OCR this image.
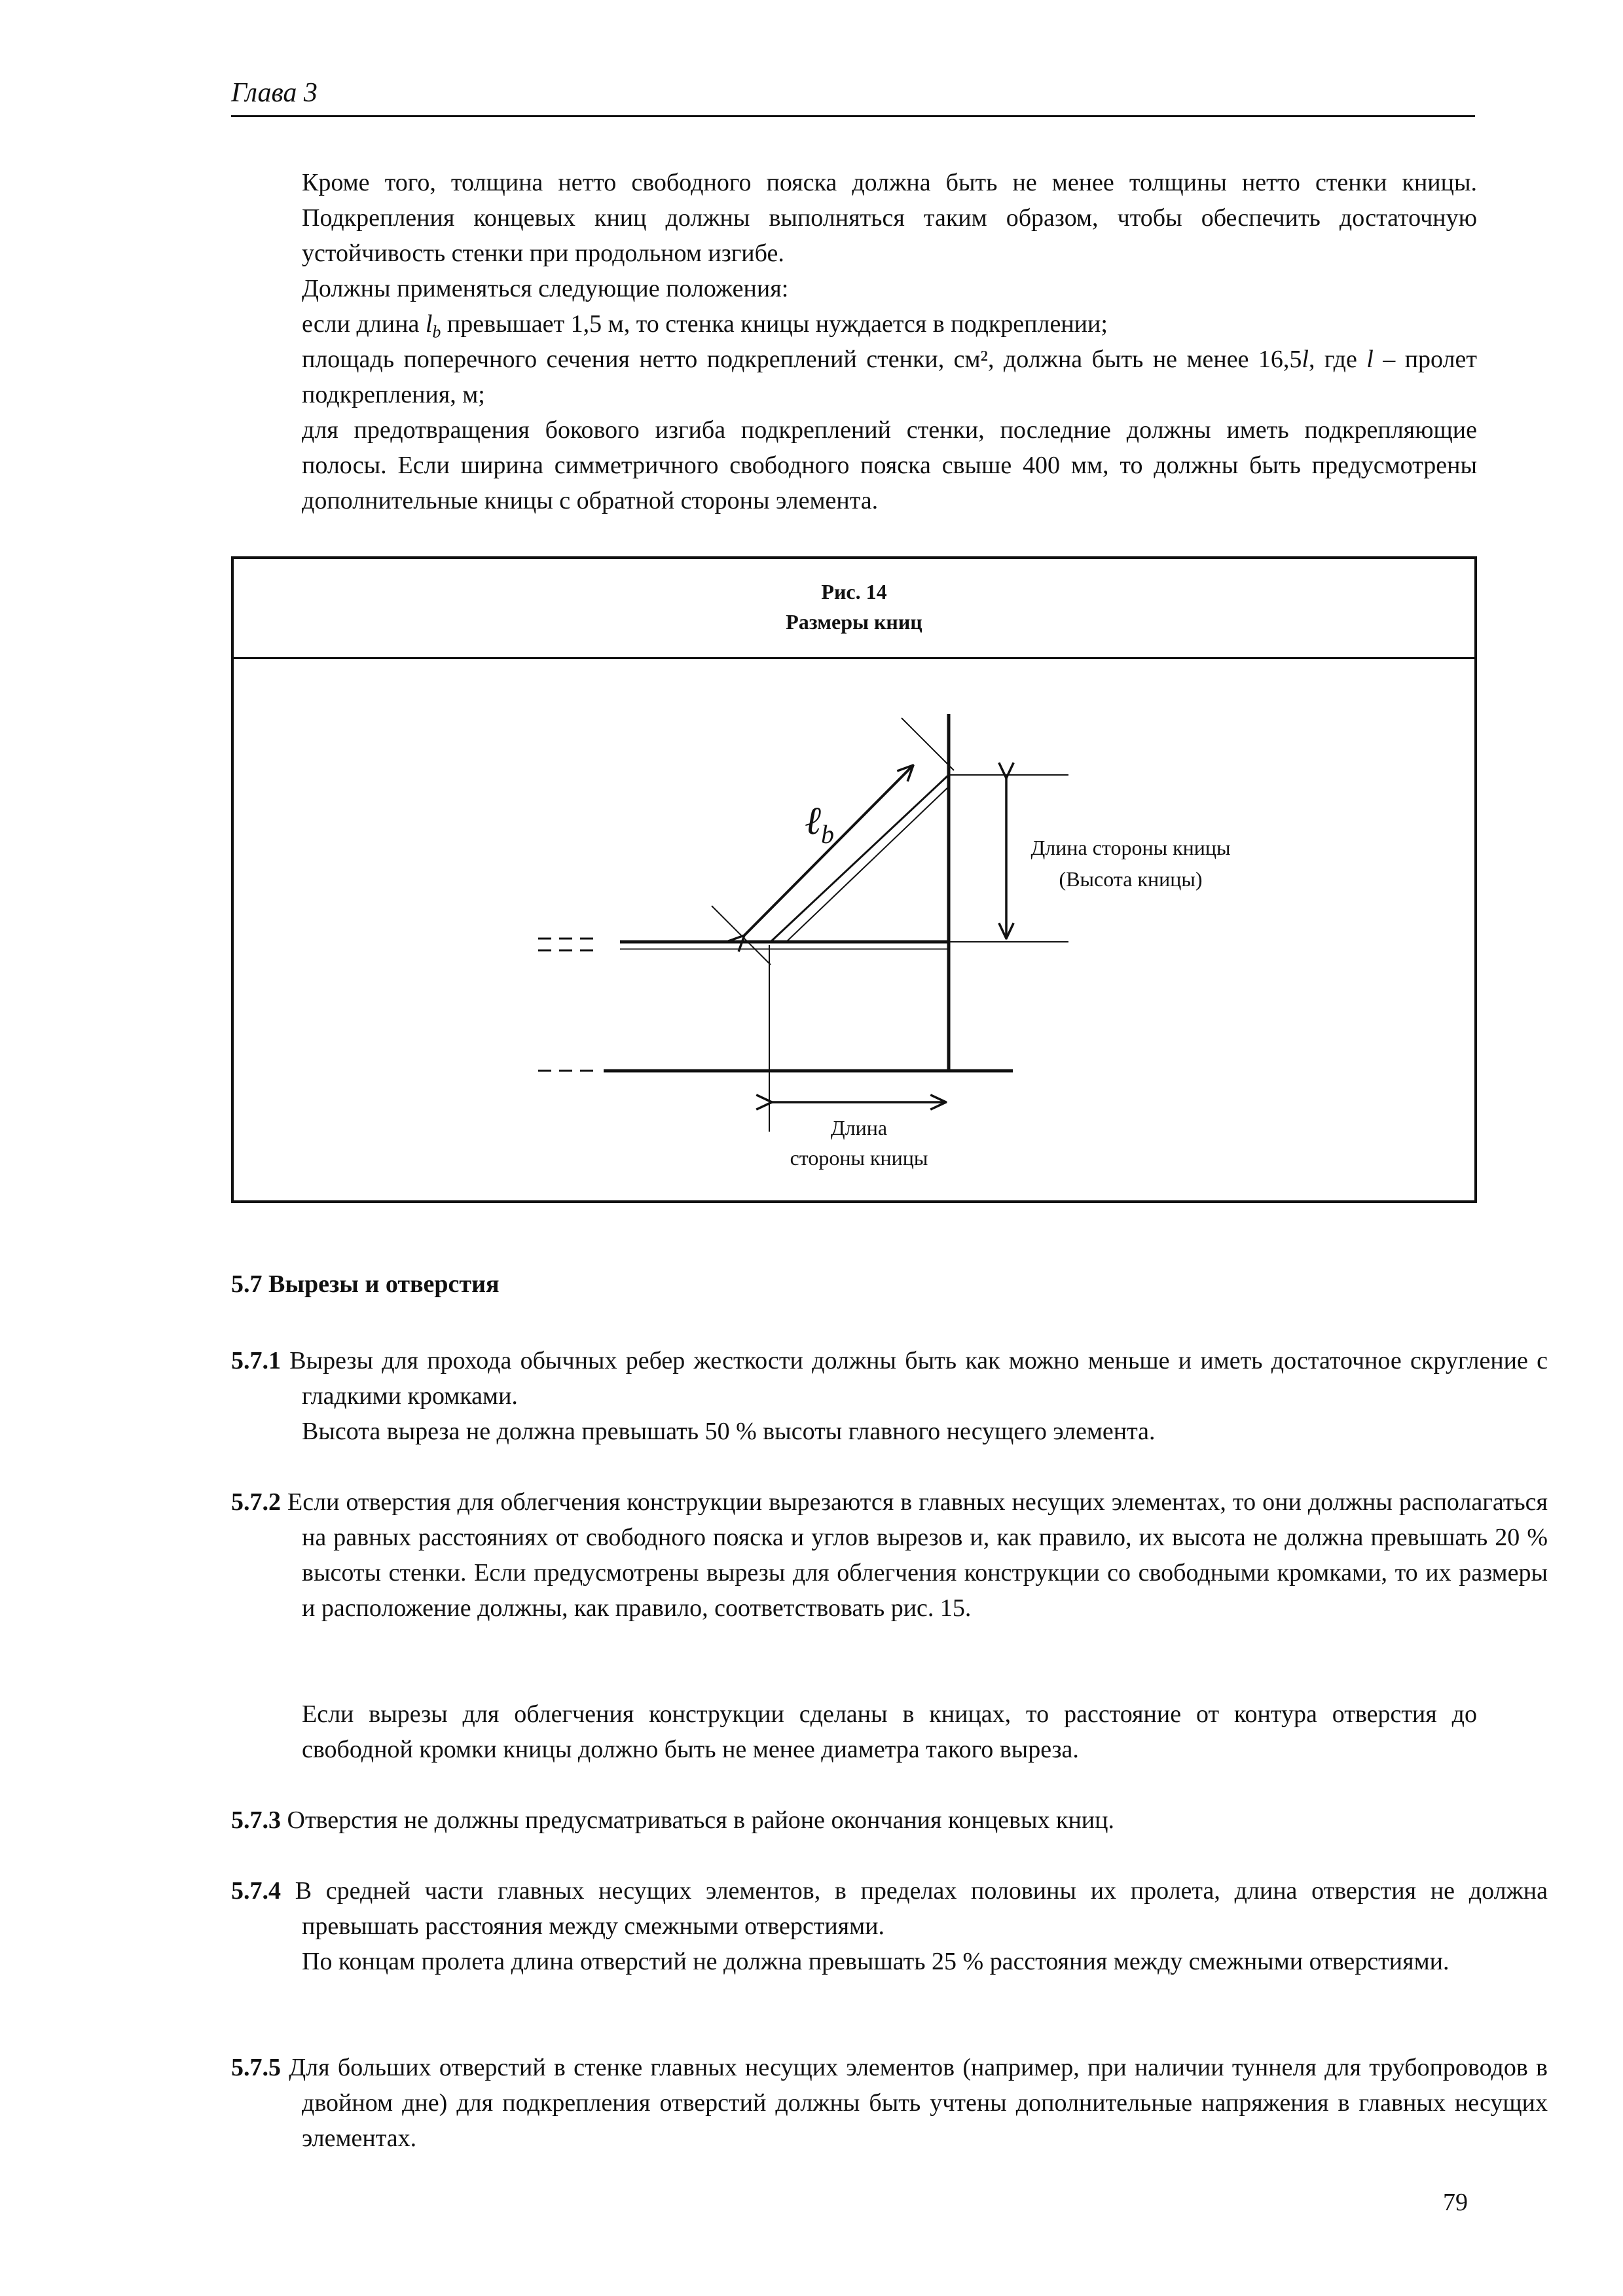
Глава 3

Кроме того, толщина нетто свободного пояска должна быть не менее толщины нетто стенки кницы. Подкрепления концевых книц должны выполняться таким образом, чтобы обеспечить достаточную устойчивость стенки при продольном изгибе.

Должны применяться следующие положения:

если длина $l_b$ превышает 1,5 м, то стенка кницы нуждается в подкреплении;

площадь поперечного сечения нетто подкреплений стенки, см², должна быть не менее 16,5l, где l – пролет подкрепления, м;

для предотвращения бокового изгиба подкреплений стенки, последние должны иметь подкрепляющие полосы. Если ширина симметричного свободного пояска свыше 400 мм, то должны быть предусмотрены дополнительные кницы с обратной стороны элемента.

Рис. 14
Размеры книц
ℓ$_b$	Длина стороны кницы
(Высота кницы)
Длина
стороны кницы
5.7 Вырезы и отверстия

5.7.1 Вырезы для прохода обычных ребер жесткости должны быть как можно меньше и иметь достаточное скругление с гладкими кромками.

Высота выреза не должна превышать 50 % высоты главного несущего элемента.

5.7.2 Если отверстия для облегчения конструкции вырезаются в главных несущих элементах, то они должны располагаться на равных расстояниях от свободного пояска и углов вырезов и, как правило, их высота не должна превышать 20 % высоты стенки. Если предусмотрены вырезы для облегчения конструкции со свободными кромками, то их размеры и расположение должны, как правило, соответствовать рис. 15.

Если вырезы для облегчения конструкции сделаны в кницах, то расстояние от контура отверстия до свободной кромки кницы должно быть не менее диаметра такого выреза.

5.7.3 Отверстия не должны предусматриваться в районе окончания концевых книц.

5.7.4 В средней части главных несущих элементов, в пределах половины их пролета, длина отверстия не должна превышать расстояния между смежными отверстиями.

По концам пролета длина отверстий не должна превышать 25 % расстояния между смежными отверстиями.

5.7.5 Для больших отверстий в стенке главных несущих элементов (например, при наличии туннеля для трубопроводов в двойном дне) для подкрепления отверстий должны быть учтены дополнительные напряжения в главных несущих элементах.

79
